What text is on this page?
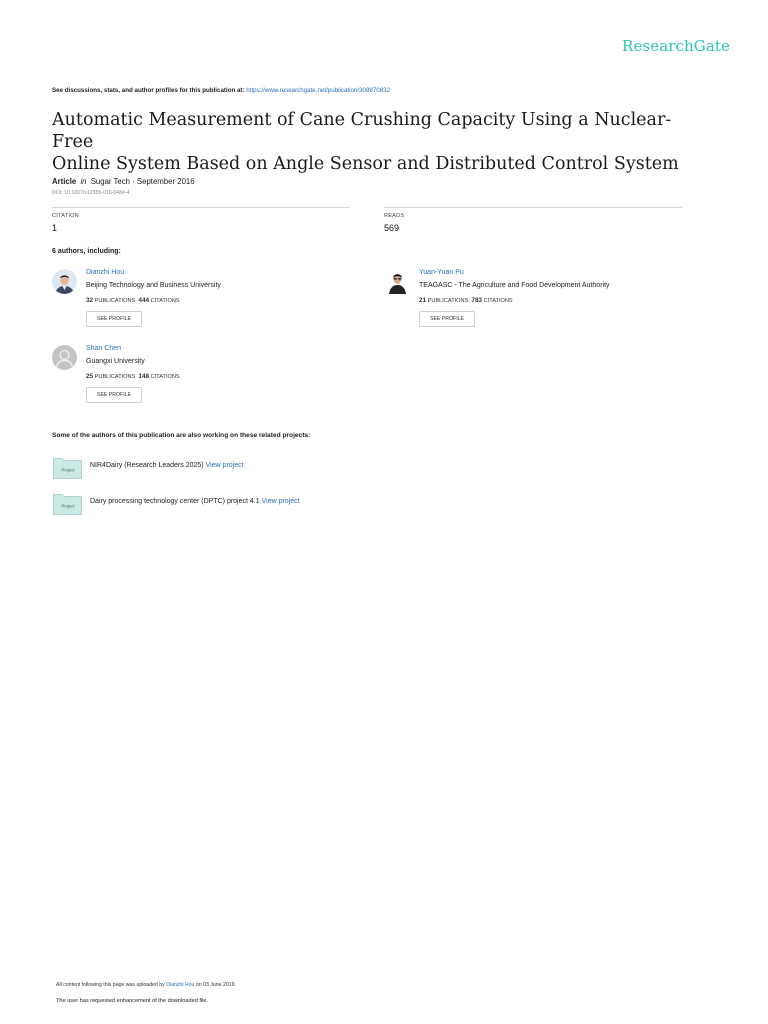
ResearchGate
See discussions, stats, and author profiles for this publication at: https://www.researchgate.net/publication/308870832
Automatic Measurement of Cane Crushing Capacity Using a Nuclear-Free
Online System Based on Angle Sensor and Distributed Control System
Article in Sugar Tech · September 2016
DOI: 10.1007/s12355-016-0484-4
CITATION
1
READS
569
6 authors, including:
Dianzhi Hou
Beijing Technology and Business University
32 PUBLICATIONS 444 CITATIONS
SEE PROFILE
Yuan-Yuan Pu
TEAGASC - The Agriculture and Food Development Authority
21 PUBLICATIONS 783 CITATIONS
SEE PROFILE
Shan Chen
Guangxi University
25 PUBLICATIONS 148 CITATIONS
SEE PROFILE
Some of the authors of this publication are also working on these related projects:
Project
NIR4Dairy (Research Leaders 2025) View project
Project
Dairy processing technology center (DPTC) project 4.1 View project
All content following this page was uploaded by Dianzhi Hou on 03 June 2019.
The user has requested enhancement of the downloaded file.
